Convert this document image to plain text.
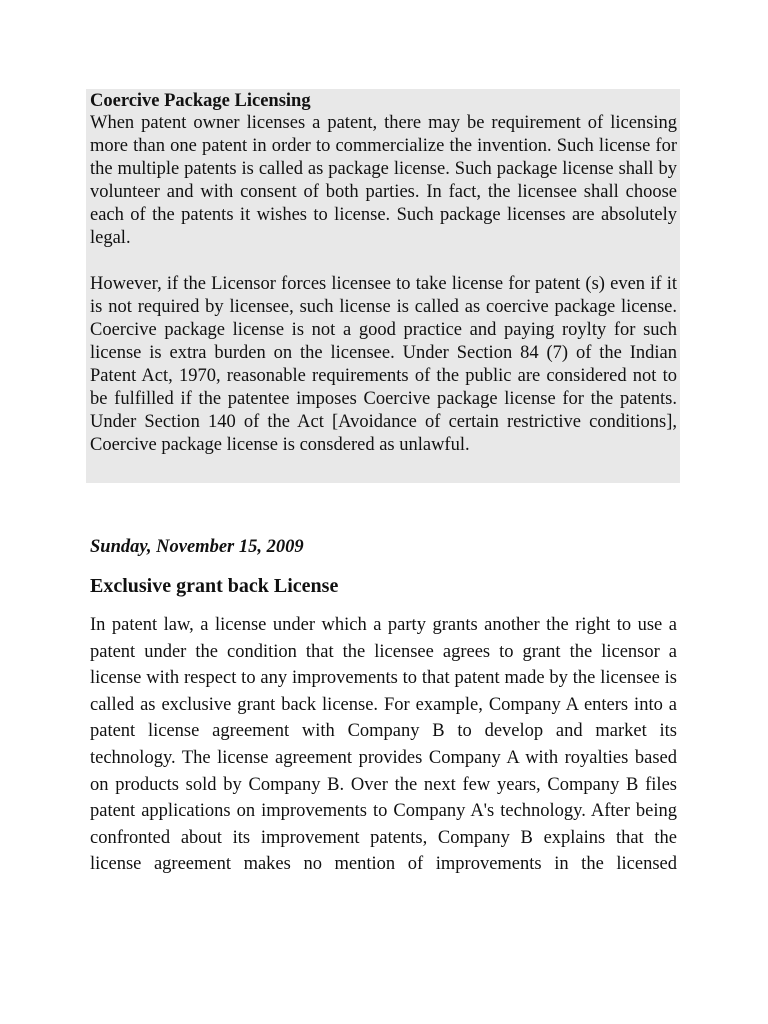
Coercive Package Licensing

When patent owner licenses a patent, there may be requirement of licensing more than one patent in order to commercialize the invention. Such license for the multiple patents is called as package license. Such package license shall by volunteer and with consent of both parties. In fact, the licensee shall choose each of the patents it wishes to license. Such package licenses are absolutely legal.

However, if the Licensor forces licensee to take license for patent (s) even if it is not required by licensee, such license is called as coercive package license. Coercive package license is not a good practice and paying roylty for such license is extra burden on the licensee. Under Section 84 (7) of the Indian Patent Act, 1970, reasonable requirements of the public are considered not to be fulfilled if the patentee imposes Coercive package license for the patents. Under Section 140 of the Act [Avoidance of certain restrictive conditions], Coercive package license is consdered as unlawful.

Sunday, November 15, 2009
Exclusive grant back License

In patent law, a license under which a party grants another the right to use a patent under the condition that the licensee agrees to grant the licensor a license with respect to any improvements to that patent made by the licensee is called as exclusive grant back license. For example, Company A enters into a patent license agreement with Company B to develop and market its technology. The license agreement provides Company A with royalties based on products sold by Company B. Over the next few years, Company B files patent applications on improvements to Company A's technology. After being confronted about its improvement patents, Company B explains that the license agreement makes no mention of improvements in the licensed
